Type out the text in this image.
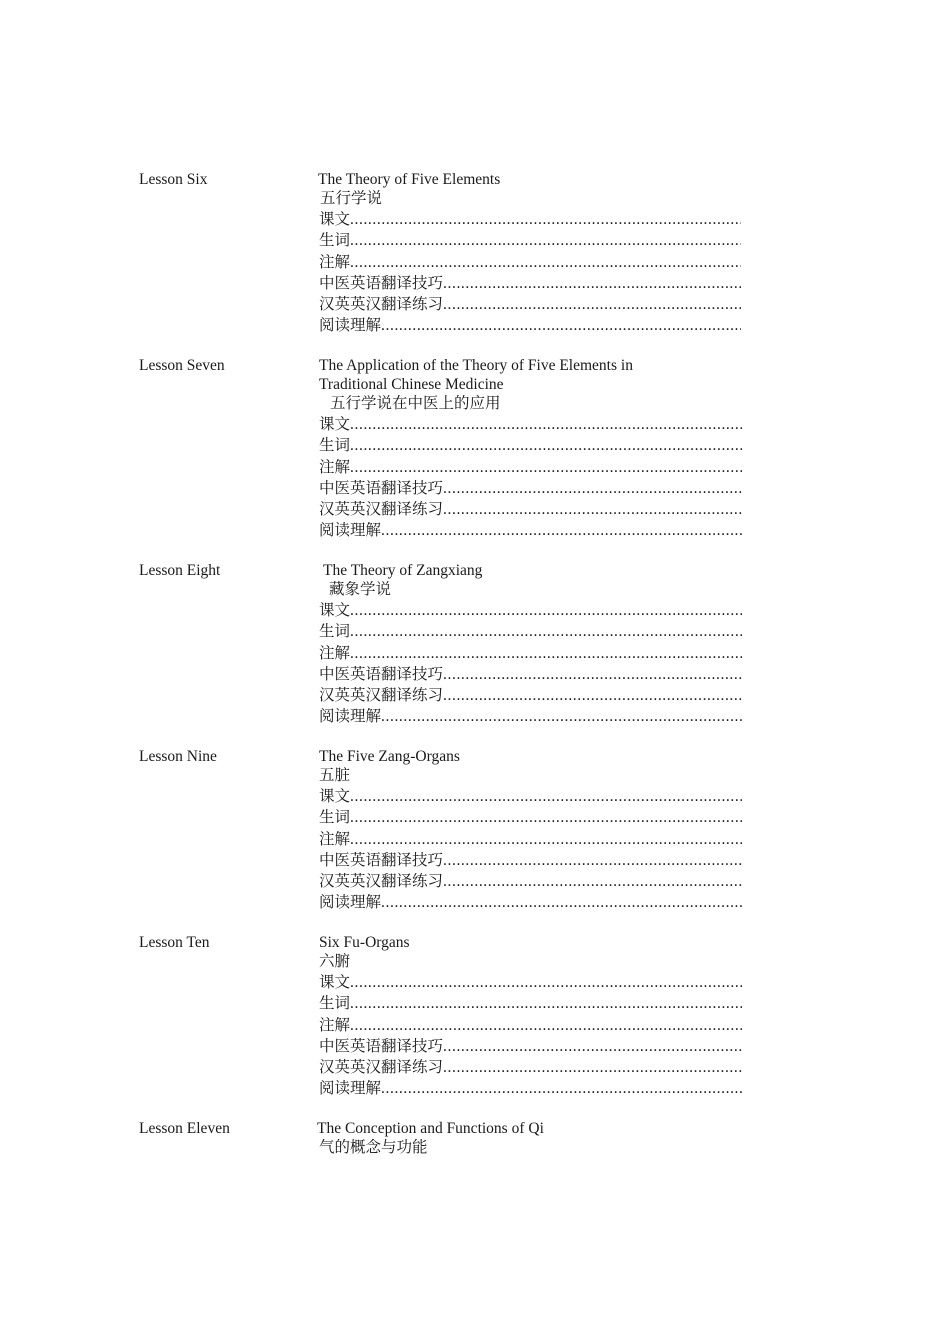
Lesson Six	The Theory of Five Elements
五行学说
课文
.....
生词
.....
注解
.....
中医英语翻译技巧
.....
汉英英汉翻译练习
.....
阅读理解
.....
Lesson Seven	The Application of the Theory of Five Elements in
Traditional Chinese Medicine
五行学说在中医上的应用
课文
.....
生词
.....
注解
.....
中医英语翻译技巧
.....
汉英英汉翻译练习
.....
阅读理解
.....
Lesson Eight	The Theory of Zangxiang
藏象学说
课文
.....
生词
.....
注解
.....
中医英语翻译技巧
.....
汉英英汉翻译练习
.....
阅读理解
.....
Lesson Nine	The Five Zang-Organs
五脏
课文
.....
生词
.....
注解
.....
中医英语翻译技巧
.....
汉英英汉翻译练习
.....
阅读理解
.....
Lesson Ten	Six Fu-Organs
六腑
课文
.....
生词
.....
注解
.....
中医英语翻译技巧
.....
汉英英汉翻译练习
.....
阅读理解
.....
Lesson Eleven	The Conception and Functions of Qi
气的概念与功能
